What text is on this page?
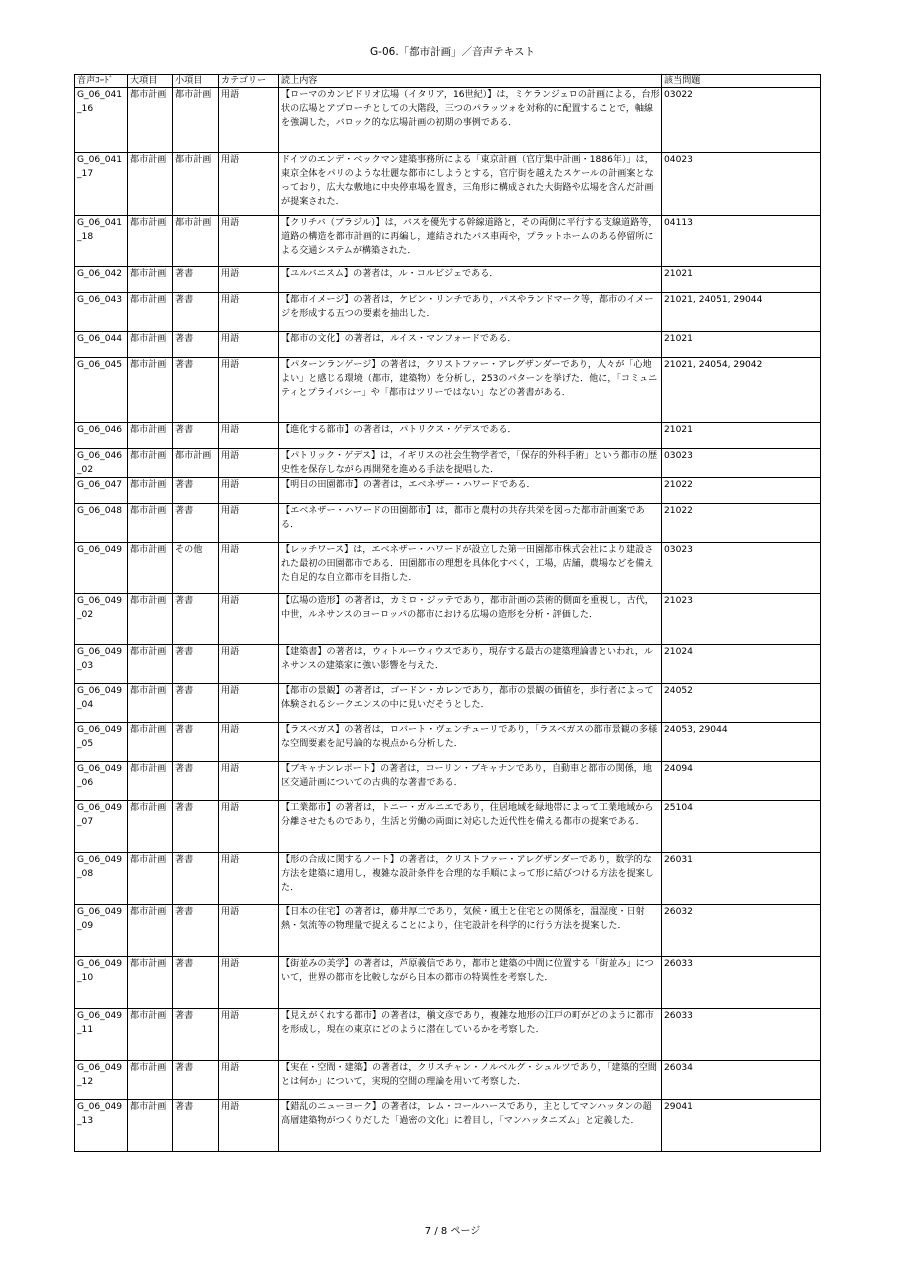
G-06.「都市計画」／音声テキスト
音声ｺｰﾄﾞ	大項目	小項目	カテゴリー	読上内容	該当問題
G_06_041_16	都市計画	都市計画	用語	【ローマのカンピドリオ広場（イタリア，16世紀）】は，ミケランジェロの計画による，台形状の広場とアプローチとしての大階段，三つのパラッツォを対称的に配置することで，軸線を強調した，バロック的な広場計画の初期の事例である．	03022
G_06_041_17	都市計画	都市計画	用語	ドイツのエンデ・ベックマン建築事務所による「東京計画（官庁集中計画・1886年）」は，東京全体をパリのような壮麗な都市にしようとする，官庁街を越えたスケールの計画案となっており，広大な敷地に中央停車場を置き，三角形に構成された大街路や広場を含んだ計画が提案された．	04023
G_06_041_18	都市計画	都市計画	用語	【クリチバ（ブラジル）】は，バスを優先する幹線道路と，その両側に平行する支線道路等，道路の構造を都市計画的に再編し，連結されたバス車両や，プラットホームのある停留所による交通システムが構築された．	04113
G_06_042	都市計画	著書	用語	【ユルバニスム】の著者は，ル・コルビジェである．	21021
G_06_043	都市計画	著書	用語	【都市イメージ】の著者は，ケビン・リンチであり，パスやランドマーク等，都市のイメージを形成する五つの要素を抽出した．	21021, 24051, 29044
G_06_044	都市計画	著書	用語	【都市の文化】の著者は，ルイス・マンフォードである．	21021
G_06_045	都市計画	著書	用語	【パターンランゲージ】の著者は，クリストファー・アレグザンダーであり，人々が「心地よい」と感じる環境（都市，建築物）を分析し，253のパターンを挙げた．他に，「コミュニティとプライバシー」や「都市はツリーではない」などの著書がある．	21021, 24054, 29042
G_06_046	都市計画	著書	用語	【進化する都市】の著者は，パトリクス・ゲデスである．	21021
G_06_046_02	都市計画	都市計画	用語	【パトリック・ゲデス】は，イギリスの社会生物学者で，「保存的外科手術」という都市の歴史性を保存しながら再開発を進める手法を提唱した．	03023
G_06_047	都市計画	著書	用語	【明日の田園都市】の著者は，エベネザー・ハワードである．	21022
G_06_048	都市計画	著書	用語	【エベネザー・ハワードの田園都市】は，都市と農村の共存共栄を図った都市計画案である．	21022
G_06_049	都市計画	その他	用語	【レッチワース】は，エベネザー・ハワードが設立した第一田園都市株式会社により建設された最初の田園都市である．田園都市の理想を具体化すべく，工場，店舗，農場などを備えた自足的な自立都市を目指した．	03023
G_06_049_02	都市計画	著書	用語	【広場の造形】の著者は，カミロ・ジッテであり，都市計画の芸術的側面を重視し，古代，中世，ルネサンスのヨーロッパの都市における広場の造形を分析・評価した．	21023
G_06_049_03	都市計画	著書	用語	【建築書】の著者は，ウィトルーウィウスであり，現存する最古の建築理論書といわれ，ルネサンスの建築家に強い影響を与えた．	21024
G_06_049_04	都市計画	著書	用語	【都市の景観】の著者は，ゴードン・カレンであり，都市の景観の価値を，歩行者によって体験されるシークエンスの中に見いだそうとした．	24052
G_06_049_05	都市計画	著書	用語	【ラスベガス】の著者は，ロバート・ヴェンチューリであり，「ラスベガスの都市景観の多様な空間要素を記号論的な視点から分析した．	24053, 29044
G_06_049_06	都市計画	著書	用語	【ブキャナンレポート】の著者は，コーリン・ブキャナンであり，自動車と都市の関係，地区交通計画についての古典的な著書である．	24094
G_06_049_07	都市計画	著書	用語	【工業都市】の著者は，トニー・ガルニエであり，住居地域を緑地帯によって工業地域から分離させたものであり，生活と労働の両面に対応した近代性を備える都市の提案である．	25104
G_06_049_08	都市計画	著書	用語	【形の合成に関するノート】の著者は，クリストファー・アレグザンダーであり，数学的な方法を建築に適用し，複雑な設計条件を合理的な手順によって形に結びつける方法を提案した．	26031
G_06_049_09	都市計画	著書	用語	【日本の住宅】の著者は，藤井厚二であり，気候・風土と住宅との関係を，温湿度・日射熱・気流等の物理量で捉えることにより，住宅設計を科学的に行う方法を提案した．	26032
G_06_049_10	都市計画	著書	用語	【街並みの美学】の著者は，芦原義信であり，都市と建築の中間に位置する「街並み」について，世界の都市を比較しながら日本の都市の特異性を考察した．	26033
G_06_049_11	都市計画	著書	用語	【見えがくれする都市】の著者は，槇文彦であり，複雑な地形の江戸の町がどのように都市を形成し，現在の東京にどのように潜在しているかを考察した．	26033
G_06_049_12	都市計画	著書	用語	【実在・空間・建築】の著者は，クリスチャン・ノルベルグ・シュルツであり，「建築的空間とは何か」について，実現的空間の理論を用いて考察した．	26034
G_06_049_13	都市計画	著書	用語	【錯乱のニューヨーク】の著者は，レム・コールハースであり，主としてマンハッタンの超高層建築物がつくりだした「過密の文化」に着目し，「マンハッタニズム」と定義した．	29041
7 / 8 ページ
